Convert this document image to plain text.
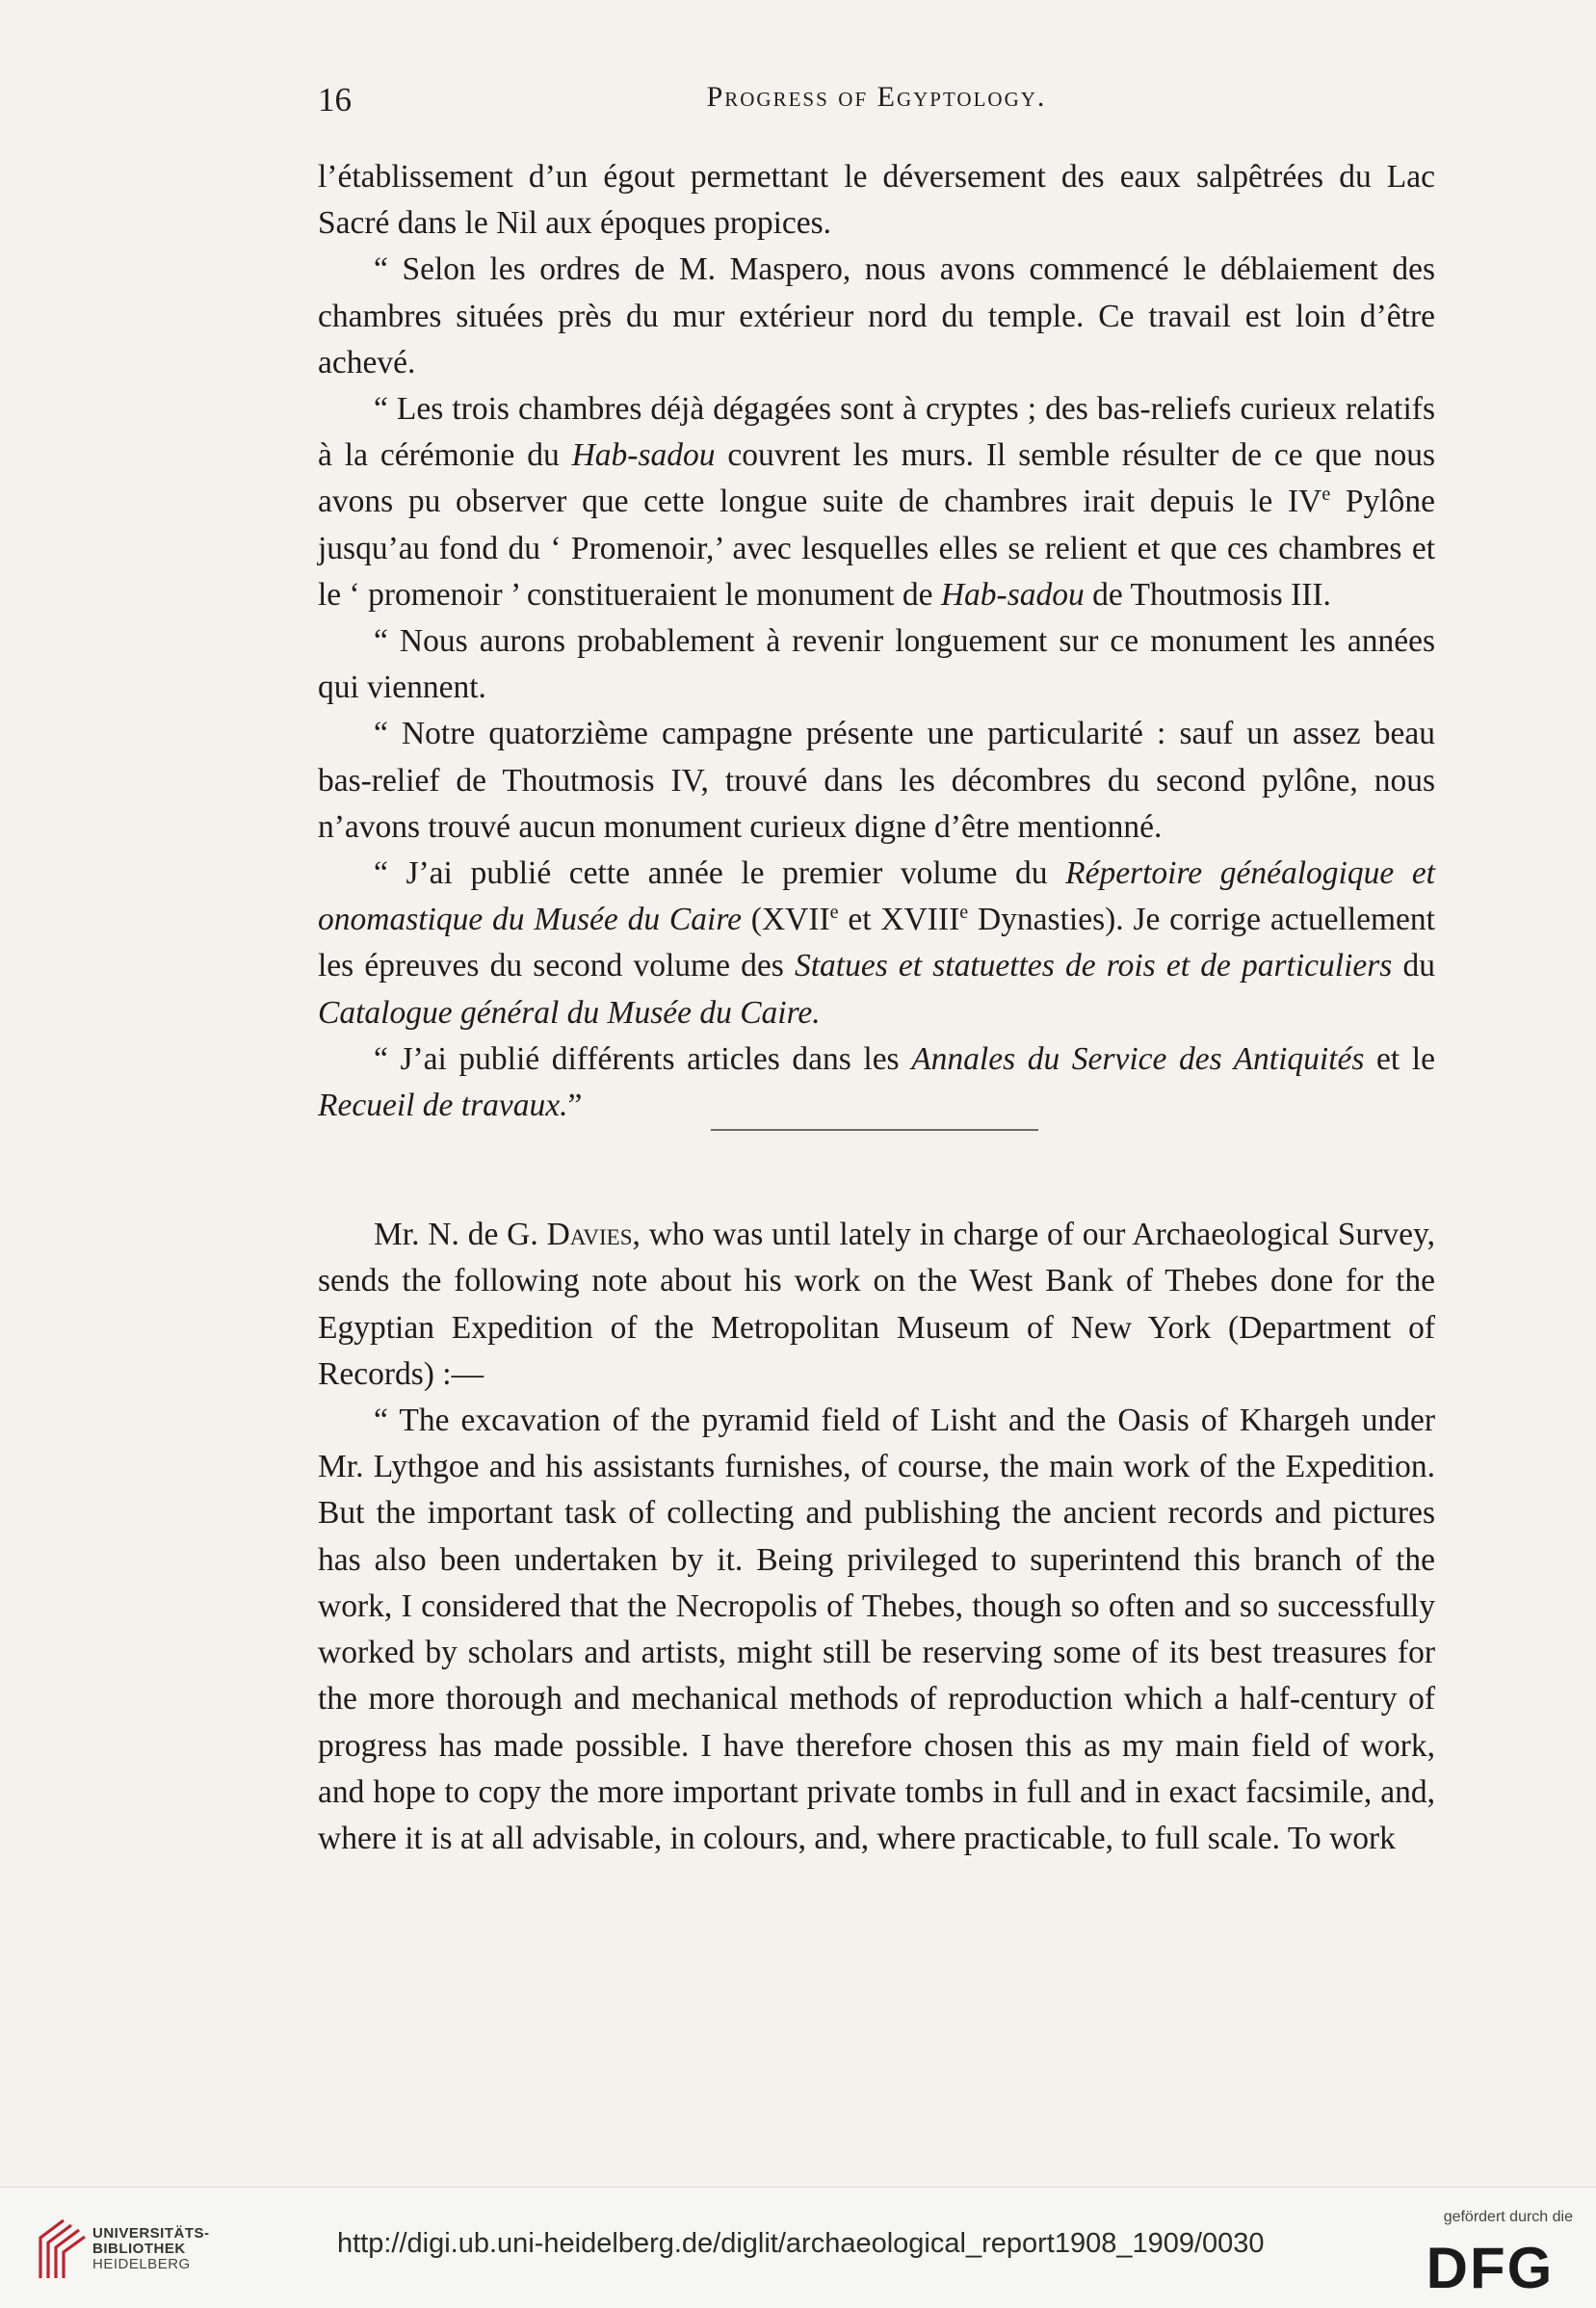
16	Progress of Egyptology.

l’établissement d’un égout permettant le déversement des eaux salpêtrées du Lac Sacré dans le Nil aux époques propices.

“ Selon les ordres de M. Maspero, nous avons commencé le déblaiement des chambres situées près du mur extérieur nord du temple. Ce travail est loin d’être achevé.

“ Les trois chambres déjà dégagées sont à cryptes ; des bas-reliefs curieux relatifs à la cérémonie du Hab-sadou couvrent les murs. Il semble résulter de ce que nous avons pu observer que cette longue suite de chambres irait depuis le IVe Pylône jusqu’au fond du ‘ Promenoir,’ avec lesquelles elles se relient et que ces chambres et le ‘ promenoir ’ constitueraient le monument de Hab-sadou de Thoutmosis III.

“ Nous aurons probablement à revenir longuement sur ce monument les années qui viennent.

“ Notre quatorzième campagne présente une particularité : sauf un assez beau bas-relief de Thoutmosis IV, trouvé dans les décombres du second pylône, nous n’avons trouvé aucun monument curieux digne d’être mentionné.

“ J’ai publié cette année le premier volume du Répertoire généalogique et onomastique du Musée du Caire (XVIIe et XVIIIe Dynasties). Je corrige actuellement les épreuves du second volume des Statues et statuettes de rois et de particuliers du Catalogue général du Musée du Caire.

“ J’ai publié différents articles dans les Annales du Service des Antiquités et le Recueil de travaux.”

Mr. N. de G. Davies, who was until lately in charge of our Archaeological Survey, sends the following note about his work on the West Bank of Thebes done for the Egyptian Expedition of the Metropolitan Museum of New York (Department of Records) :—

“ The excavation of the pyramid field of Lisht and the Oasis of Khargeh under Mr. Lythgoe and his assistants furnishes, of course, the main work of the Expedition. But the important task of collecting and publishing the ancient records and pictures has also been undertaken by it. Being privileged to superintend this branch of the work, I considered that the Necropolis of Thebes, though so often and so successfully worked by scholars and artists, might still be reserving some of its best treasures for the more thorough and mechanical methods of reproduction which a half-century of progress has made possible. I have therefore chosen this as my main field of work, and hope to copy the more important private tombs in full and in exact facsimile, and, where it is at all advisable, in colours, and, where practicable, to full scale. To work

UNIVERSITÄTS-
BIBLIOTHEK
HEIDELBERG
http://digi.ub.uni-heidelberg.de/diglit/archaeological_report1908_1909/0030
gefördert durch die
DFG
